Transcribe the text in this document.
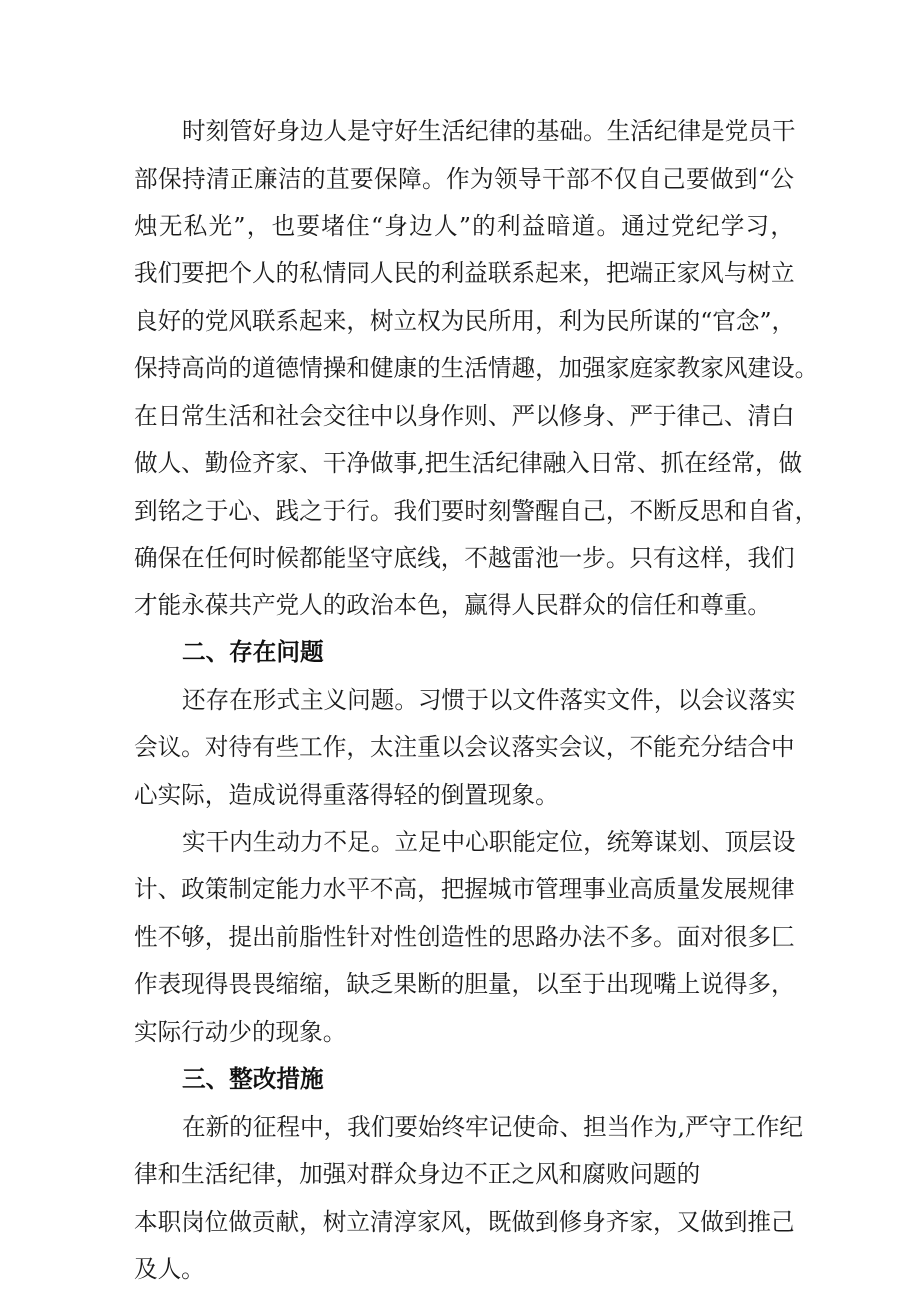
时刻管好身边人是守好生活纪律的基础。生活纪律是党员干
部保持清正廉洁的苴要保障。作为领导干部不仅自己要做到“公
烛无私光”，也要堵住“身边人”的利益暗道。通过党纪学习，
我们要把个人的私情同人民的利益联系起来，把端正家风与树立
良好的党风联系起来，树立权为民所用，利为民所谋的“官念”，
保持高尚的道德情操和健康的生活情趣，加强家庭家教家风建设。
在日常生活和社会交往中以身作则、严以修身、严于律己、清白
做人、勤俭齐家、干净做事,把生活纪律融入日常、抓在经常，做
到铭之于心、践之于行。我们要时刻警醒自己，不断反思和自省，
确保在任何时候都能坚守底线，不越雷池一步。只有这样，我们
才能永葆共产党人的政治本色，赢得人民群众的信任和尊重。
二、存在问题
还存在形式主义问题。习惯于以文件落实文件，以会议落实
会议。对待有些工作，太注重以会议落实会议，不能充分结合中
心实际，造成说得重落得轻的倒置现象。
实干内生动力不足。立足中心职能定位，统筹谋划、顶层设
计、政策制定能力水平不高，把握城市管理事业高质量发展规律
性不够，提出前脂性针对性创造性的思路办法不多。面对很多匚
作表现得畏畏缩缩，缺乏果断的胆量，以至于出现嘴上说得多，
实际行动少的现象。
三、整改措施
在新的征程中，我们要始终牢记使命、担当作为,严守工作纪
律和生活纪律，加强对群众身边不正之风和腐败问题的
本职岗位做贡献，树立清淳家风，既做到修身齐家，又做到推己
及人。
